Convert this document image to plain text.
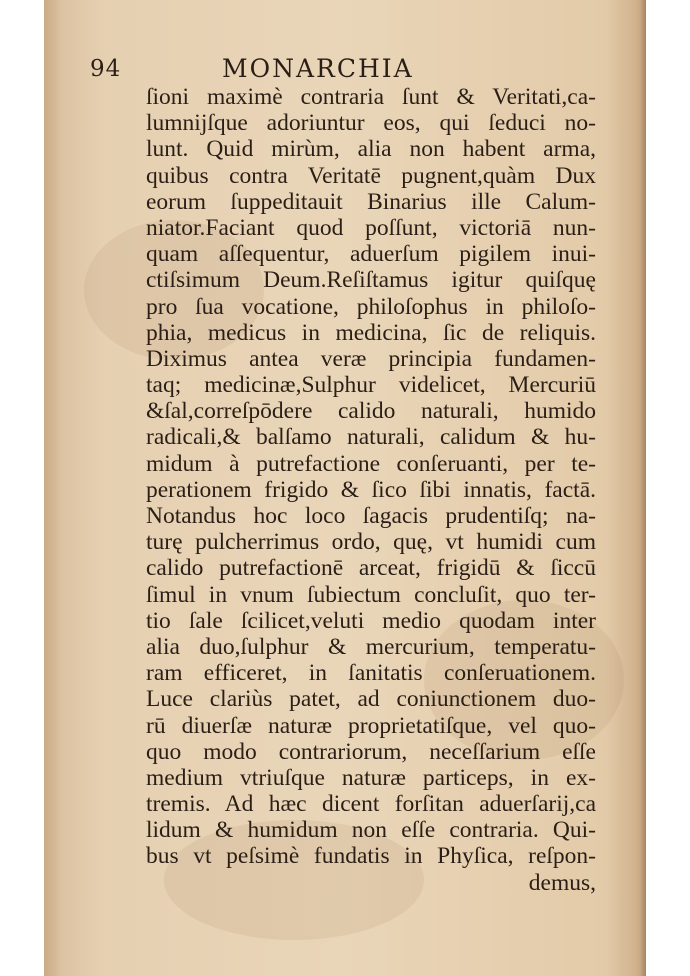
94	MONARCHIA
ſioni maximè contraria ſunt & Veritati,ca-
lumnijſque adoriuntur eos, qui ſeduci no-
lunt. Quid mirùm, alia non habent arma,
quibus contra Veritatē pugnent,quàm Dux
eorum ſuppeditauit Binarius ille Calum-
niator.Faciant quod poſſunt, victoriā nun-
quam aſſequentur, aduerſum pigilem inui-
ctiſsimum Deum.Reſiſtamus igitur quiſquę
pro ſua vocatione, philoſophus in philoſo-
phia, medicus in medicina, ſic de reliquis.
Diximus antea veræ principia fundamen-
taq; medicinæ,Sulphur videlicet, Mercuriū
&ſal,correſpōdere calido naturali, humido
radicali,& balſamo naturali, calidum & hu-
midum à putrefactione conſeruanti, per te-
perationem frigido & ſico ſibi innatis, factā.
Notandus hoc loco ſagacis prudentiſq; na-
turę pulcherrimus ordo, quę, vt humidi cum
calido putrefactionē arceat, frigidū & ſiccū
ſimul in vnum ſubiectum concluſit, quo ter-
tio ſale ſcilicet,veluti medio quodam inter
alia duo,ſulphur & mercurium, temperatu-
ram efficeret, in ſanitatis conſeruationem.
Luce clariùs patet, ad coniunctionem duo-
rū diuerſæ naturæ proprietatiſque, vel quo-
quo modo contrariorum, neceſſarium eſſe
medium vtriuſque naturæ particeps, in ex-
tremis. Ad hæc dicent forſitan aduerſarij,ca
lidum & humidum non eſſe contraria. Qui-
bus vt peſsimè fundatis in Phyſica, reſpon-
demus,
